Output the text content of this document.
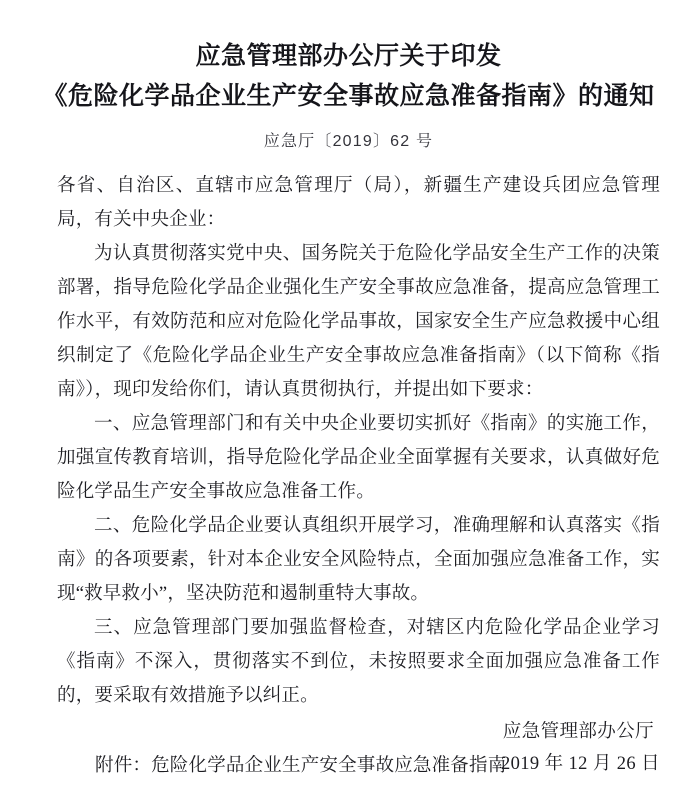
应急管理部办公厅关于印发
《危险化学品企业生产安全事故应急准备指南》的通知
应急厅〔2019〕62 号

各省、自治区、直辖市应急管理厅（局），新疆生产建设兵团应急管理局，有关中央企业：

为认真贯彻落实党中央、国务院关于危险化学品安全生产工作的决策部署，指导危险化学品企业强化生产安全事故应急准备，提高应急管理工作水平，有效防范和应对危险化学品事故，国家安全生产应急救援中心组织制定了《危险化学品企业生产安全事故应急准备指南》（以下简称《指南》），现印发给你们，请认真贯彻执行，并提出如下要求：

一、应急管理部门和有关中央企业要切实抓好《指南》的实施工作，加强宣传教育培训，指导危险化学品企业全面掌握有关要求，认真做好危险化学品生产安全事故应急准备工作。

二、危险化学品企业要认真组织开展学习，准确理解和认真落实《指南》的各项要素，针对本企业安全风险特点，全面加强应急准备工作，实现“救早救小”，坚决防范和遏制重特大事故。

三、应急管理部门要加强监督检查，对辖区内危险化学品企业学习《指南》不深入，贯彻落实不到位，未按照要求全面加强应急准备工作的，要采取有效措施予以纠正。

附件：危险化学品企业生产安全事故应急准备指南

应急管理部办公厅
2019 年 12 月 26 日
